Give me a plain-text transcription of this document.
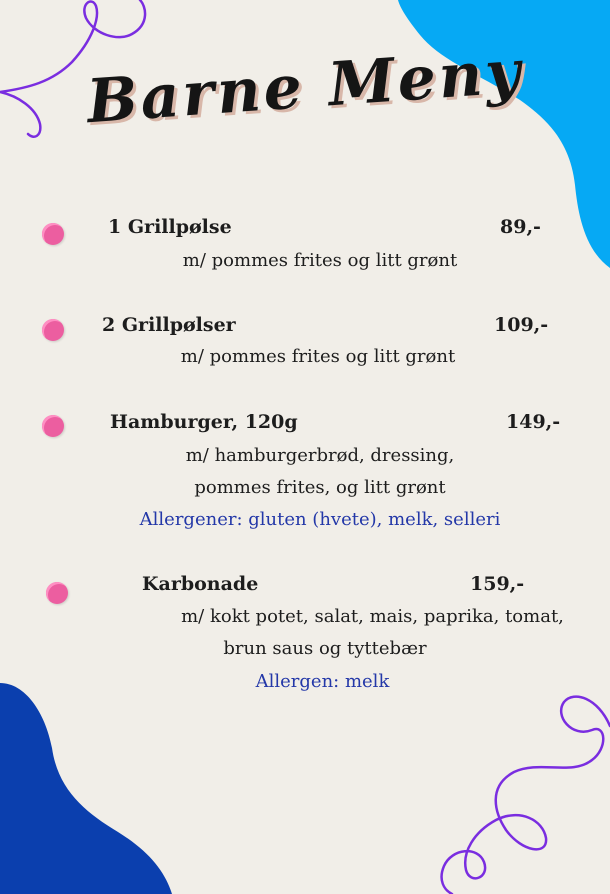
Barne Meny
1 Grillpølse	89,-
m/ pommes frites og litt grønt
2 Grillpølser	109,-
m/ pommes frites og litt grønt
Hamburger, 120g	149,-
m/ hamburgerbrød, dressing,
pommes frites, og litt grønt
Allergener: gluten (hvete), melk, selleri
Karbonade	159,-
m/ kokt potet, salat, mais, paprika, tomat,
brun saus og tyttebær
Allergen: melk
